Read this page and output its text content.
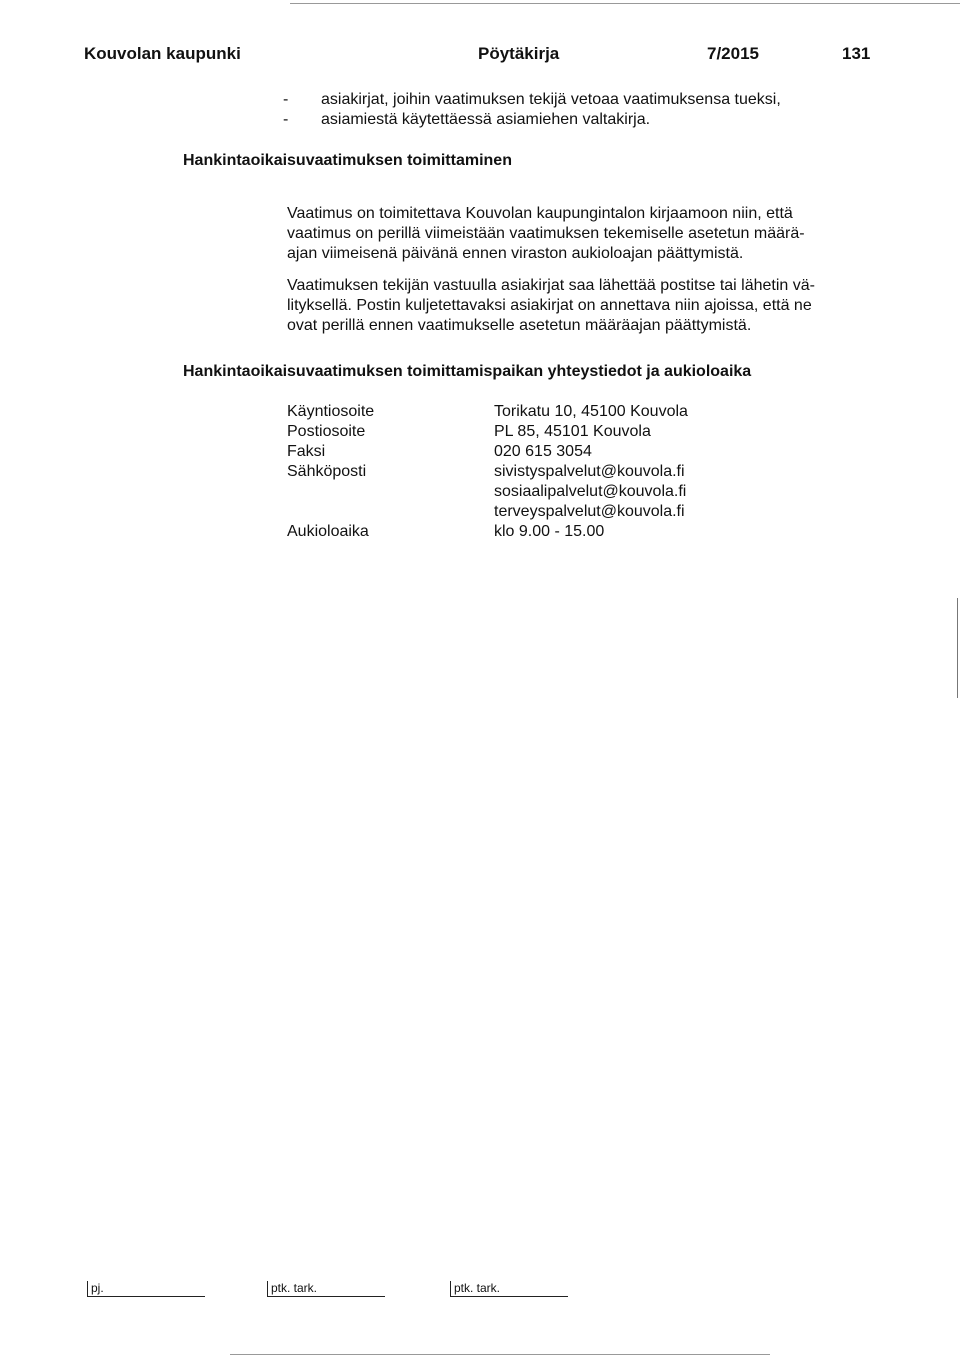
Kouvolan kaupunki	Pöytäkirja	7/2015	131
-	asiakirjat, joihin vaatimuksen tekijä vetoaa vaatimuksensa tueksi,
-	asiamiestä käytettäessä asiamiehen valtakirja.
Hankintaoikaisuvaatimuksen toimittaminen
Vaatimus on toimitettava Kouvolan kaupungintalon kirjaamoon niin, että
vaatimus on perillä viimeistään vaatimuksen tekemiselle asetetun määrä-
ajan viimeisenä päivänä ennen viraston aukioloajan päättymistä.
Vaatimuksen tekijän vastuulla asiakirjat saa lähettää postitse tai lähetin vä-
lityksellä. Postin kuljetettavaksi asiakirjat on annettava niin ajoissa, että ne
ovat perillä ennen vaatimukselle asetetun määräajan päättymistä.
Hankintaoikaisuvaatimuksen toimittamispaikan yhteystiedot ja aukioloaika
Käyntiosoite	Torikatu 10, 45100 Kouvola
Postiosoite	PL 85, 45101 Kouvola
Faksi	020 615 3054
Sähköposti	sivistyspalvelut@kouvola.fi
sosiaalipalvelut@kouvola.fi
terveyspalvelut@kouvola.fi
Aukioloaika	klo 9.00 - 15.00
pj.	ptk. tark.	ptk. tark.
